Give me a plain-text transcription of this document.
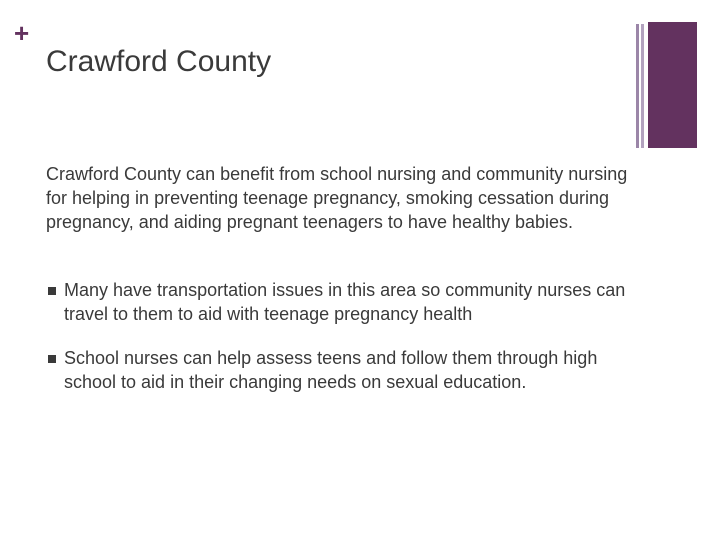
+
Crawford County
Crawford County can benefit from school nursing and community nursing for helping in preventing teenage pregnancy, smoking cessation during pregnancy, and aiding pregnant teenagers to have healthy babies.
Many have transportation issues in this area so community nurses can travel to them to aid with teenage pregnancy health
School nurses can help assess teens and follow them through high school to aid in their changing needs on sexual education.
